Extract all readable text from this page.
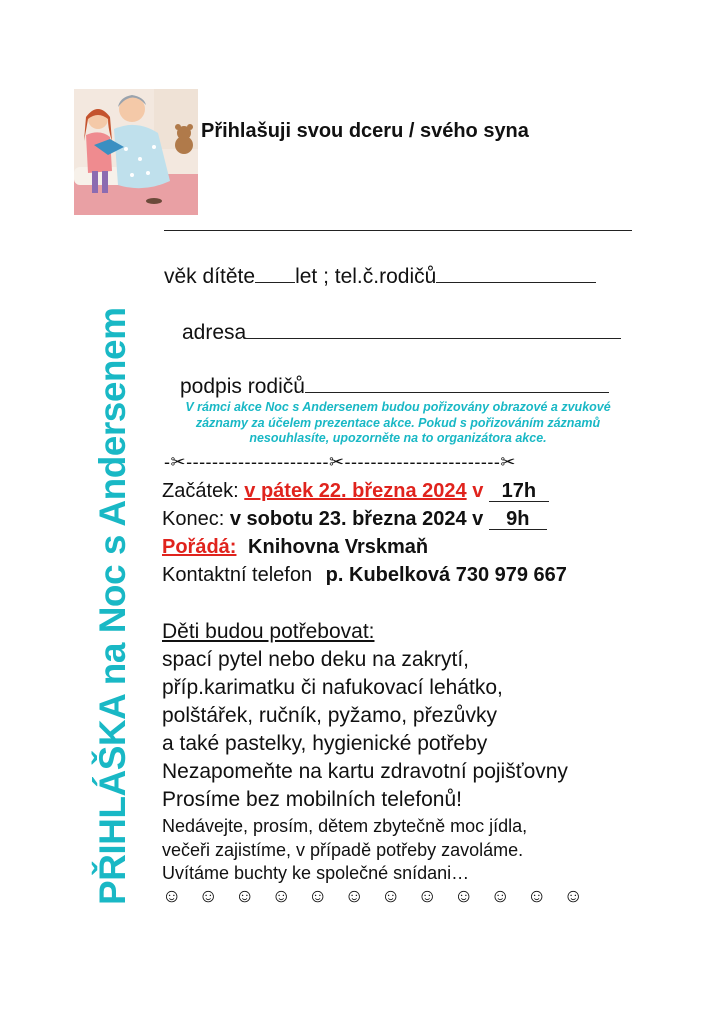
Přihlašuji svou dceru / svého syna
věk dítěte let ; tel.č.rodičů
adresa
podpis rodičů
V rámci akce Noc s Andersenem budou pořizovány obrazové a zvukové záznamy za účelem prezentace akce. Pokud s pořizováním záznamů nesouhlasíte, upozorněte na to organizátora akce.
-✂----------------------✂------------------------✂
Začátek: v pátek 22. března 2024 v 17h
Konec: v sobotu 23. března 2024 v 9h
Pořádá: Knihovna Vrskmaň
Kontaktní telefon p. Kubelková 730 979 667
PŘIHLÁŠKA na Noc s Andersenem Děti budou potřebovat:
spací pytel nebo deku na zakrytí,
příp.karimatku či nafukovací lehátko,
polštářek, ručník, pyžamo, přezůvky
a také pastelky, hygienické potřeby
Nezapomeňte na kartu zdravotní pojišťovny
Prosíme bez mobilních telefonů!
Nedávejte, prosím, dětem zbytečně moc jídla,
večeři zajistíme, v případě potřeby zavoláme.
Uvítáme buchty ke společné snídani…
☺ ☺ ☺ ☺ ☺ ☺ ☺ ☺ ☺ ☺ ☺ ☺
